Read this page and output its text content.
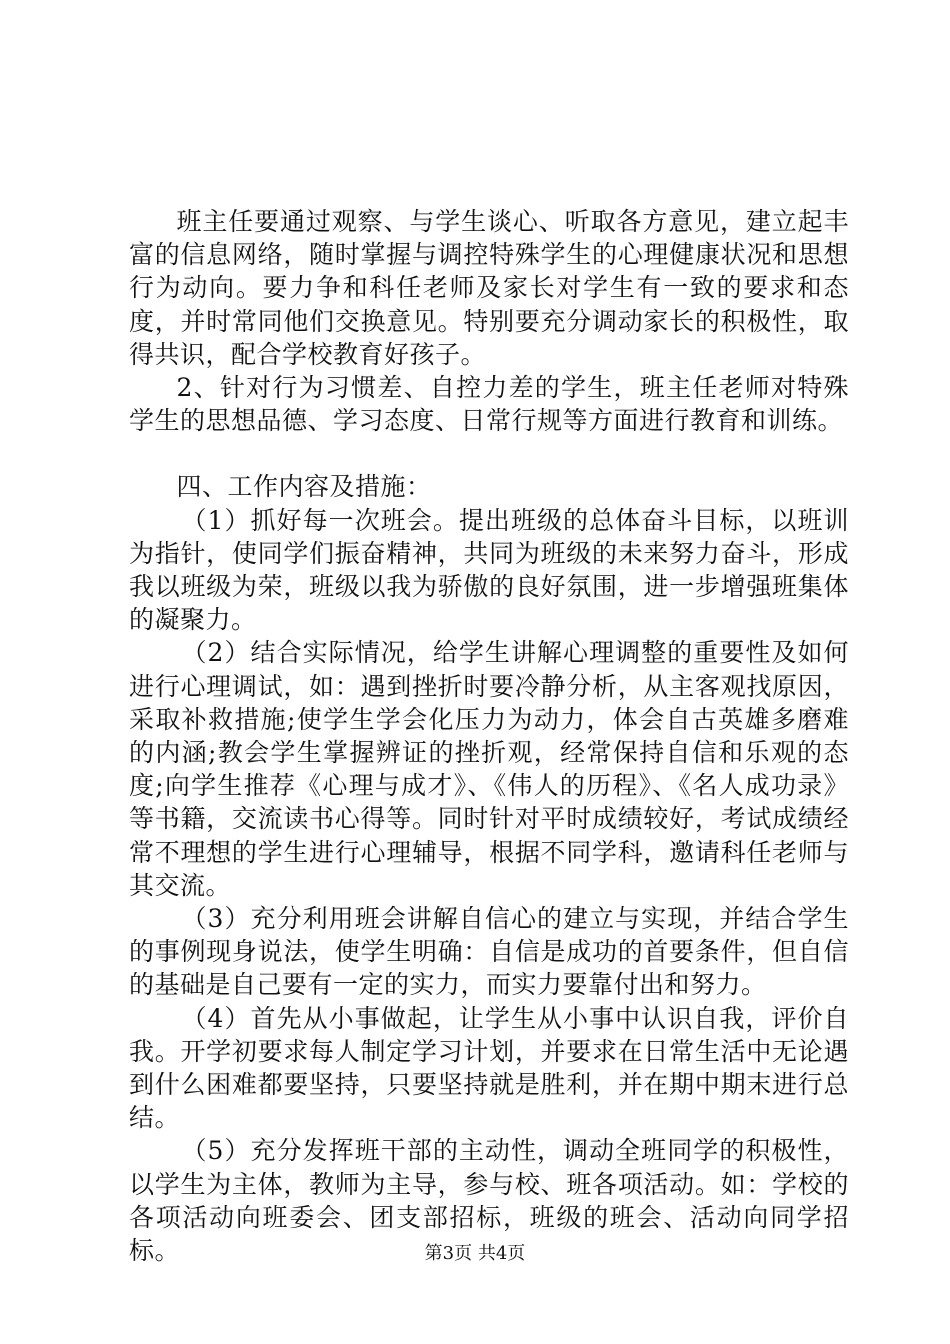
班主任要通过观察、与学生谈心、听取各方意见，建立起丰富的信息网络，随时掌握与调控特殊学生的心理健康状况和思想行为动向。要力争和科任老师及家长对学生有一致的要求和态度，并时常同他们交换意见。特别要充分调动家长的积极性，取得共识，配合学校教育好孩子。

2、针对行为习惯差、自控力差的学生，班主任老师对特殊学生的思想品德、学习态度、日常行规等方面进行教育和训练。

四、工作内容及措施：

（1）抓好每一次班会。提出班级的总体奋斗目标，以班训为指针，使同学们振奋精神，共同为班级的未来努力奋斗，形成我以班级为荣，班级以我为骄傲的良好氛围，进一步增强班集体的凝聚力。

（2）结合实际情况，给学生讲解心理调整的重要性及如何进行心理调试，如：遇到挫折时要冷静分析，从主客观找原因，采取补救措施;使学生学会化压力为动力，体会自古英雄多磨难的内涵;教会学生掌握辨证的挫折观，经常保持自信和乐观的态度;向学生推荐《心理与成才》、《伟人的历程》、《名人成功录》等书籍，交流读书心得等。同时针对平时成绩较好，考试成绩经常不理想的学生进行心理辅导，根据不同学科，邀请科任老师与其交流。

（3）充分利用班会讲解自信心的建立与实现，并结合学生的事例现身说法，使学生明确：自信是成功的首要条件，但自信的基础是自己要有一定的实力，而实力要靠付出和努力。

（4）首先从小事做起，让学生从小事中认识自我，评价自我。开学初要求每人制定学习计划，并要求在日常生活中无论遇到什么困难都要坚持，只要坚持就是胜利，并在期中期末进行总结。

（5）充分发挥班干部的主动性，调动全班同学的积极性，以学生为主体，教师为主导，参与校、班各项活动。如：学校的各项活动向班委会、团支部招标，班级的班会、活动向同学招标。	第3页 共4页
